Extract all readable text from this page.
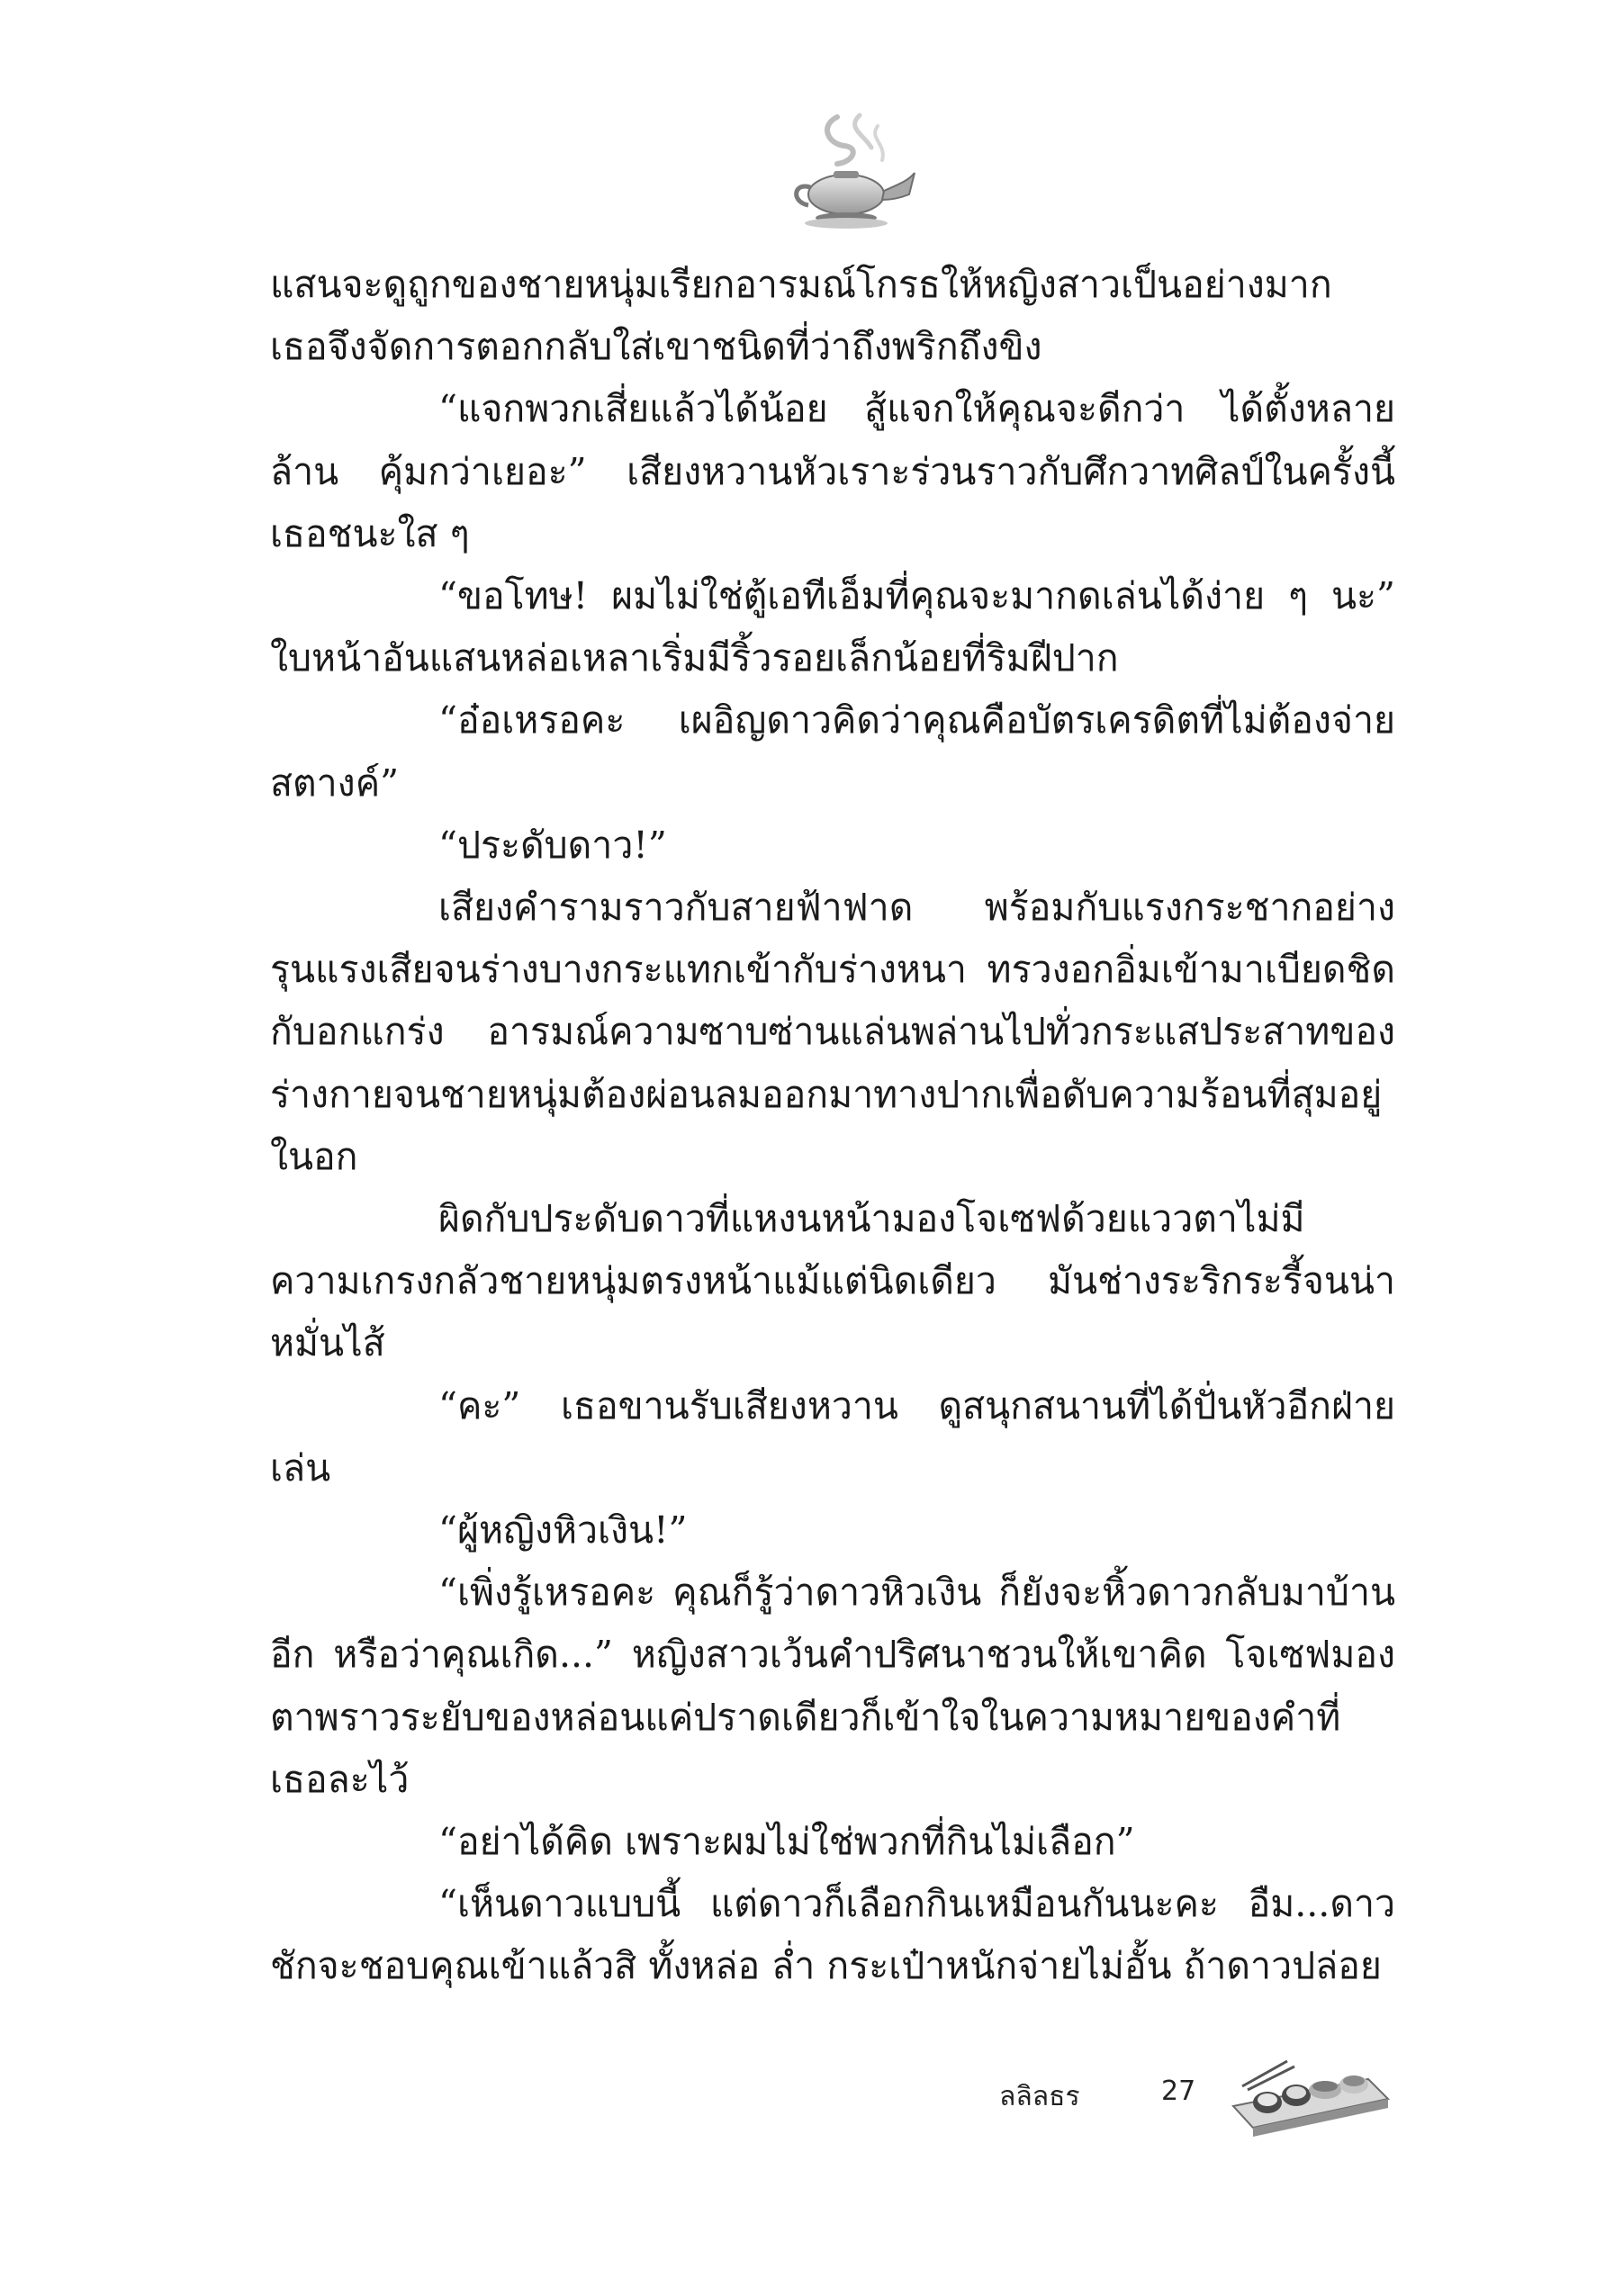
แสนจะดูถูกของชายหนุ่มเรียกอารมณ์โกรธให้หญิงสาวเป็นอย่างมาก เธอจึงจัดการตอกกลับใส่เขาชนิดที่ว่าถึงพริกถึงขิง

“แจกพวกเสี่ยแล้วได้น้อย สู้แจกให้คุณจะดีกว่า ได้ตั้งหลายล้าน คุ้มกว่าเยอะ” เสียงหวานหัวเราะร่วนราวกับศึกวาทศิลป์ในครั้งนี้เธอชนะใส ๆ

“ขอโทษ! ผมไม่ใช่ตู้เอทีเอ็มที่คุณจะมากดเล่นได้ง่าย ๆ นะ” ใบหน้าอันแสนหล่อเหลาเริ่มมีริ้วรอยเล็กน้อยที่ริมฝีปาก

“อ๋อเหรอคะ เผอิญดาวคิดว่าคุณคือบัตรเครดิตที่ไม่ต้องจ่ายสตางค์”

“ประดับดาว!”

เสียงคำรามราวกับสายฟ้าฟาด พร้อมกับแรงกระชากอย่างรุนแรงเสียจนร่างบางกระแทกเข้ากับร่างหนา ทรวงอกอิ่มเข้ามาเบียดชิดกับอกแกร่ง อารมณ์ความซาบซ่านแล่นพล่านไปทั่วกระแสประสาทของร่างกายจนชายหนุ่มต้องผ่อนลมออกมาทางปากเพื่อดับความร้อนที่สุมอยู่ในอก

ผิดกับประดับดาวที่แหงนหน้ามองโจเซฟด้วยแววตาไม่มีความเกรงกลัวชายหนุ่มตรงหน้าแม้แต่นิดเดียว มันช่างระริกระรี้จนน่าหมั่นไส้

“คะ” เธอขานรับเสียงหวาน ดูสนุกสนานที่ได้ปั่นหัวอีกฝ่ายเล่น

“ผู้หญิงหิวเงิน!”

“เพิ่งรู้เหรอคะ คุณก็รู้ว่าดาวหิวเงิน ก็ยังจะหิ้วดาวกลับมาบ้านอีก หรือว่าคุณเกิด...” หญิงสาวเว้นคำปริศนาชวนให้เขาคิด โจเซฟมองตาพราวระยับของหล่อนแค่ปราดเดียวก็เข้าใจในความหมายของคำที่เธอละไว้

“อย่าได้คิด เพราะผมไม่ใช่พวกที่กินไม่เลือก”

“เห็นดาวแบบนี้ แต่ดาวก็เลือกกินเหมือนกันนะคะ อืม...ดาวชักจะชอบคุณเข้าแล้วสิ ทั้งหล่อ ล่ำ กระเป๋าหนักจ่ายไม่อั้น ถ้าดาวปล่อย

ลลิลธร	27
